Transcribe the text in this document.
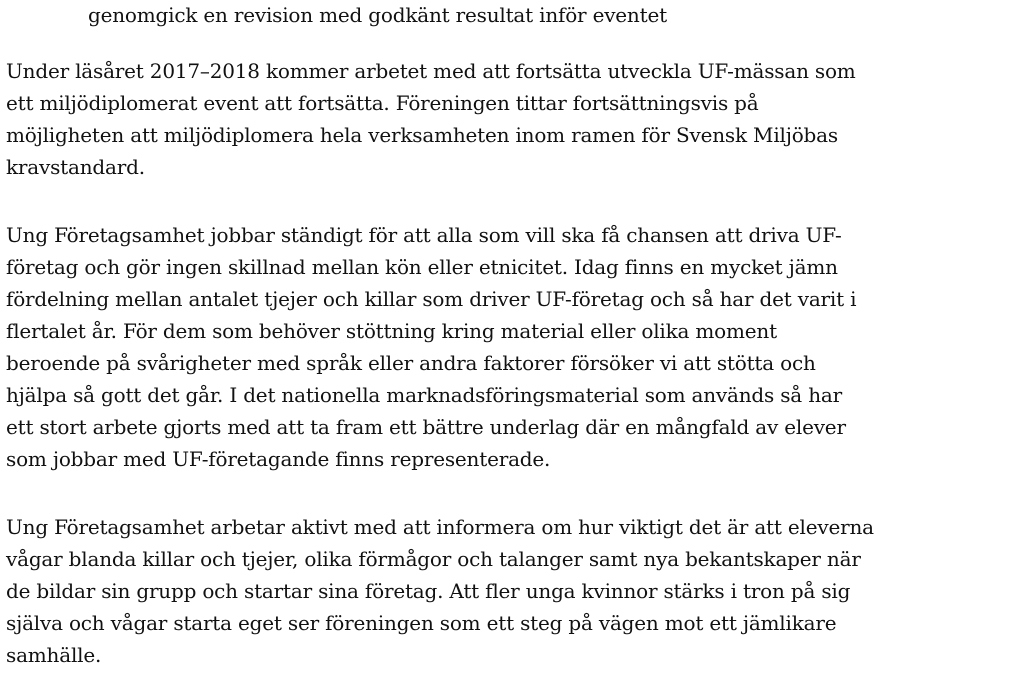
genomgick en revision med godkänt resultat inför eventet
Under läsåret 2017–2018 kommer arbetet med att fortsätta utveckla UF-mässan som
ett miljödiplomerat event att fortsätta. Föreningen tittar fortsättningsvis på
möjligheten att miljödiplomera hela verksamheten inom ramen för Svensk Miljöbas
kravstandard.
Ung Företagsamhet jobbar ständigt för att alla som vill ska få chansen att driva UF-
företag och gör ingen skillnad mellan kön eller etnicitet. Idag finns en mycket jämn
fördelning mellan antalet tjejer och killar som driver UF-företag och så har det varit i
flertalet år. För dem som behöver stöttning kring material eller olika moment
beroende på svårigheter med språk eller andra faktorer försöker vi att stötta och
hjälpa så gott det går. I det nationella marknadsföringsmaterial som används så har
ett stort arbete gjorts med att ta fram ett bättre underlag där en mångfald av elever
som jobbar med UF-företagande finns representerade.
Ung Företagsamhet arbetar aktivt med att informera om hur viktigt det är att eleverna
vågar blanda killar och tjejer, olika förmågor och talanger samt nya bekantskaper när
de bildar sin grupp och startar sina företag. Att fler unga kvinnor stärks i tron på sig
själva och vågar starta eget ser föreningen som ett steg på vägen mot ett jämlikare
samhälle.
